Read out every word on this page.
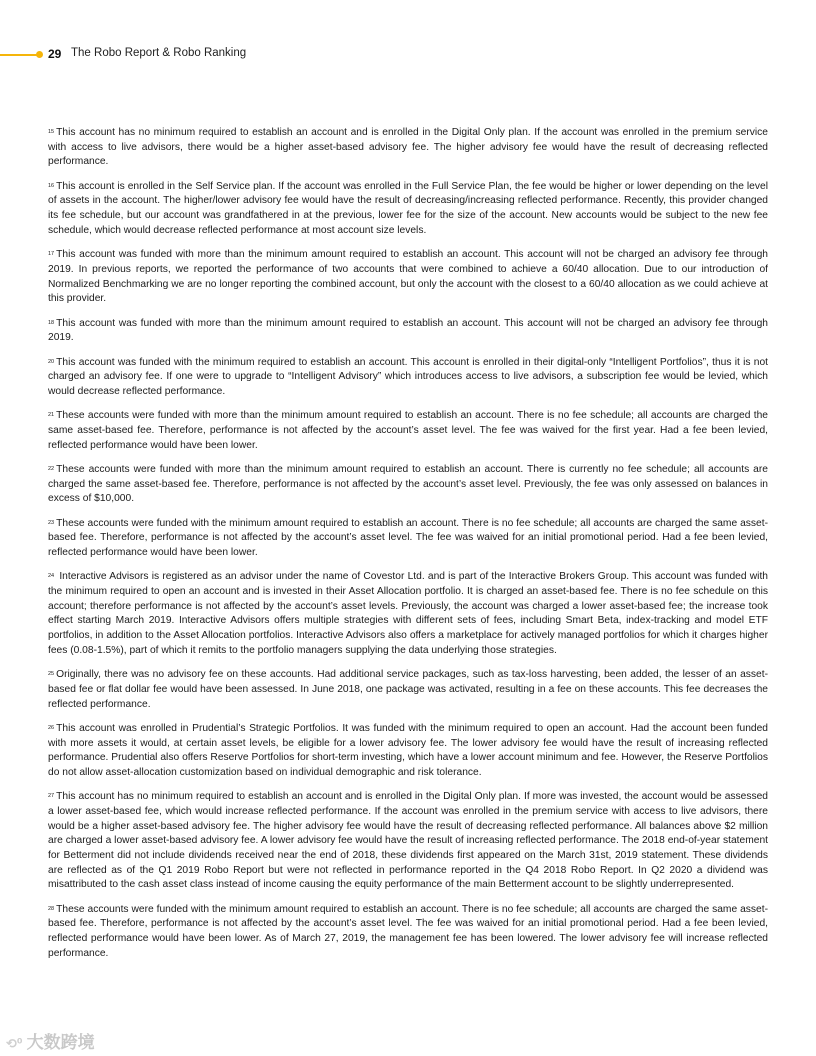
29 The Robo Report & Robo Ranking

$^{15}$ This account has no minimum required to establish an account and is enrolled in the Digital Only plan. If the account was enrolled in the premium service with access to live advisors, there would be a higher asset-based advisory fee. The higher advisory fee would have the result of decreasing reflected performance.

$^{16}$ This account is enrolled in the Self Service plan. If the account was enrolled in the Full Service Plan, the fee would be higher or lower depending on the level of assets in the account. The higher/lower advisory fee would have the result of decreasing/increasing reflected performance. Recently, this provider changed its fee schedule, but our account was grandfathered in at the previous, lower fee for the size of the account. New accounts would be subject to the new fee schedule, which would decrease reflected performance at most account size levels.

$^{17}$ This account was funded with more than the minimum amount required to establish an account. This account will not be charged an advisory fee through 2019. In previous reports, we reported the performance of two accounts that were combined to achieve a 60/40 allocation. Due to our introduction of Normalized Benchmarking we are no longer reporting the combined account, but only the account with the closest to a 60/40 allocation as we could achieve at this provider.

$^{18}$ This account was funded with more than the minimum amount required to establish an account. This account will not be charged an advisory fee through 2019.

$^{20}$ This account was funded with the minimum required to establish an account. This account is enrolled in their digital-only “Intelligent Portfolios”, thus it is not charged an advisory fee. If one were to upgrade to “Intelligent Advisory” which introduces access to live advisors, a subscription fee would be levied, which would decrease reflected performance.

$^{21}$ These accounts were funded with more than the minimum amount required to establish an account. There is no fee schedule; all accounts are charged the same asset-based fee. Therefore, performance is not affected by the account’s asset level. The fee was waived for the first year. Had a fee been levied, reflected performance would have been lower.

$^{22}$ These accounts were funded with more than the minimum amount required to establish an account. There is currently no fee schedule; all accounts are charged the same asset-based fee. Therefore, performance is not affected by the account’s asset level. Previously, the fee was only assessed on balances in excess of $10,000.

$^{23}$ These accounts were funded with the minimum amount required to establish an account. There is no fee schedule; all accounts are charged the same asset-based fee. Therefore, performance is not affected by the account’s asset level. The fee was waived for an initial promotional period. Had a fee been levied, reflected performance would have been lower.

$^{24}$ Interactive Advisors is registered as an advisor under the name of Covestor Ltd. and is part of the Interactive Brokers Group. This account was funded with the minimum required to open an account and is invested in their Asset Allocation portfolio. It is charged an asset-based fee. There is no fee schedule on this account; therefore performance is not affected by the account’s asset levels. Previously, the account was charged a lower asset-based fee; the increase took effect starting March 2019. Interactive Advisors offers multiple strategies with different sets of fees, including Smart Beta, index-tracking and model ETF portfolios, in addition to the Asset Allocation portfolios. Interactive Advisors also offers a marketplace for actively managed portfolios for which it charges higher fees (0.08-1.5%), part of which it remits to the portfolio managers supplying the data underlying those strategies.

$^{25}$ Originally, there was no advisory fee on these accounts. Had additional service packages, such as tax-loss harvesting, been added, the lesser of an asset-based fee or flat dollar fee would have been assessed. In June 2018, one package was activated, resulting in a fee on these accounts. This fee decreases the reflected performance.

$^{26}$ This account was enrolled in Prudential’s Strategic Portfolios. It was funded with the minimum required to open an account. Had the account been funded with more assets it would, at certain asset levels, be eligible for a lower advisory fee. The lower advisory fee would have the result of increasing reflected performance. Prudential also offers Reserve Portfolios for short-term investing, which have a lower account minimum and fee. However, the Reserve Portfolios do not allow asset-allocation customization based on individual demographic and risk tolerance.

$^{27}$ This account has no minimum required to establish an account and is enrolled in the Digital Only plan. If more was invested, the account would be assessed a lower asset-based fee, which would increase reflected performance. If the account was enrolled in the premium service with access to live advisors, there would be a higher asset-based advisory fee. The higher advisory fee would have the result of decreasing reflected performance. All balances above $2 million are charged a lower asset-based advisory fee. A lower advisory fee would have the result of increasing reflected performance. The 2018 end-of-year statement for Betterment did not include dividends received near the end of 2018, these dividends first appeared on the March 31st, 2019 statement. These dividends are reflected as of the Q1 2019 Robo Report but were not reflected in performance reported in the Q4 2018 Robo Report. In Q2 2020 a dividend was misattributed to the cash asset class instead of income causing the equity performance of the main Betterment account to be slightly underrepresented.

$^{28}$ These accounts were funded with the minimum amount required to establish an account. There is no fee schedule; all accounts are charged the same asset-based fee. Therefore, performance is not affected by the account’s asset level. The fee was waived for an initial promotional period. Had a fee been levied, reflected performance would have been lower. As of March 27, 2019, the management fee has been lowered. The lower advisory fee will increase reflected performance.

⟲⁰ 大数跨境
